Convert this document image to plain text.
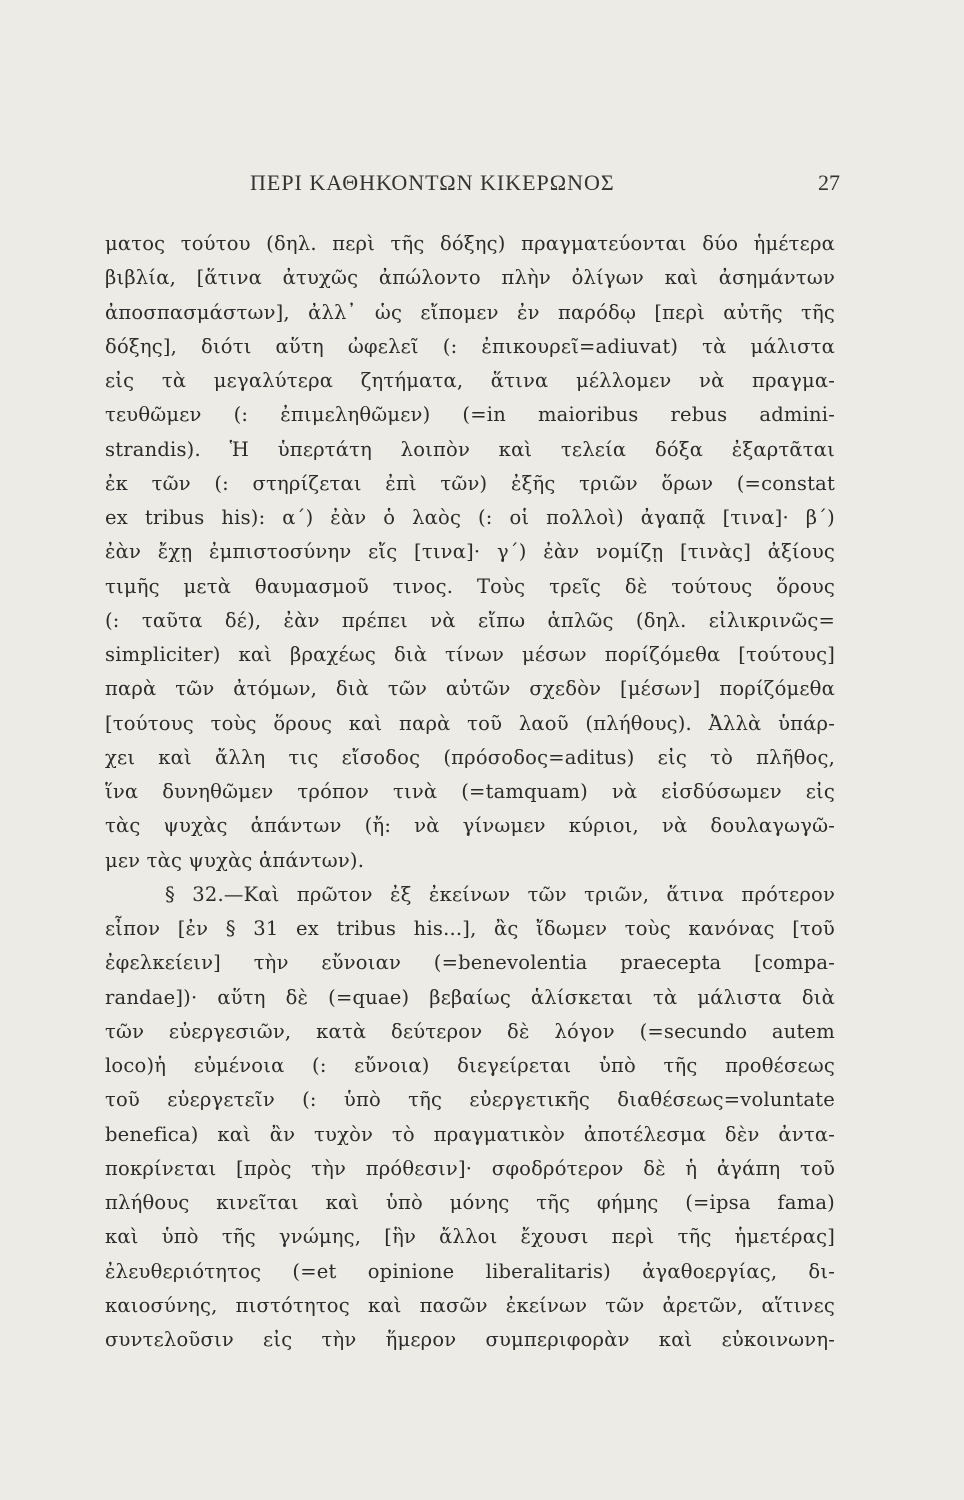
ΠΕΡΙ ΚΑΘΗΚΟΝΤΩΝ ΚΙΚΕΡΩΝΟΣ	27
ματος τούτου (δηλ. περὶ τῆς δόξης) πραγματεύονται δύο ἡμέτερα
βιβλία, [ἅτινα ἀτυχῶς ἀπώλοντο πλὴν ὀλίγων καὶ ἀσημάντων
ἀποσπασμάστων], ἀλλ᾽ ὡς εἴπομεν ἐν παρόδῳ [περὶ αὐτῆς τῆς
δόξης], διότι αὕτη ὠφελεῖ (: ἐπικουρεῖ=adiuvat) τὰ μάλιστα
εἰς τὰ μεγαλύτερα ζητήματα, ἅτινα μέλλομεν νὰ πραγμα-
τευθῶμεν (: ἐπιμεληθῶμεν) (=in maioribus rebus admini-
strandis). Ἡ ὑπερτάτη λοιπὸν καὶ τελεία δόξα ἐξαρτᾶται
ἐκ τῶν (: στηρίζεται ἐπὶ τῶν) ἐξῆς τριῶν ὅρων (=constat
ex tribus his): α΄) ἐὰν ὁ λαὸς (: οἱ πολλοὶ) ἀγαπᾷ [τινα]· β΄)
ἐὰν ἔχῃ ἐμπιστοσύνην εἴς [τινα]· γ΄) ἐὰν νομίζῃ [τινὰς] ἀξίους
τιμῆς μετὰ θαυμασμοῦ τινος. Τοὺς τρεῖς δὲ τούτους ὅρους
(: ταῦτα δέ), ἐὰν πρέπει νὰ εἴπω ἁπλῶς (δηλ. εἰλικρινῶς=
simpliciter) καὶ βραχέως διὰ τίνων μέσων πορίζόμεθα [τούτους]
παρὰ τῶν ἀτόμων, διὰ τῶν αὐτῶν σχεδὸν [μέσων] πορίζόμεθα
[τούτους τοὺς ὅρους καὶ παρὰ τοῦ λαοῦ (πλήθους). Ἀλλὰ ὑπάρ-
χει καὶ ἄλλη τις εἴσοδος (πρόσοδος=aditus) εἰς τὸ πλῆθος,
ἵνα δυνηθῶμεν τρόπον τινὰ (=tamquam) νὰ εἰσδύσωμεν εἰς
τὰς ψυχὰς ἁπάντων (ἤ: νὰ γίνωμεν κύριοι, νὰ δουλαγωγῶ-
μεν τὰς ψυχὰς ἁπάντων).
§ 32.—Καὶ πρῶτον ἐξ ἐκείνων τῶν τριῶν, ἅτινα πρότερον
εἶπον [ἐν § 31 ex tribus his...], ἂς ἴδωμεν τοὺς κανόνας [τοῦ
ἐφελκείειν] τὴν εὔνοιαν (=benevolentia praecepta [compa-
randae])· αὕτη δὲ (=quae) βεβαίως ἁλίσκεται τὰ μάλιστα διὰ
τῶν εὐεργεσιῶν, κατὰ δεύτερον δὲ λόγον (=secundo autem
loco)ἡ εὐμένοια (: εὔνοια) διεγείρεται ὑπὸ τῆς προθέσεως
τοῦ εὐεργετεῖν (: ὑπὸ τῆς εὐεργετικῆς διαθέσεως=voluntate
benefica) καὶ ἂν τυχὸν τὸ πραγματικὸν ἀποτέλεσμα δὲν ἀντα-
ποκρίνεται [πρὸς τὴν πρόθεσιν]· σφοδρότερον δὲ ἡ ἀγάπη τοῦ
πλήθους κινεῖται καὶ ὑπὸ μόνης τῆς φήμης (=ipsa fama)
καὶ ὑπὸ τῆς γνώμης, [ἣν ἄλλοι ἔχουσι περὶ τῆς ἡμετέρας]
ἐλευθεριότητος (=et opinione liberalitaris) ἀγαθοεργίας, δι-
καιοσύνης, πιστότητος καὶ πασῶν ἐκείνων τῶν ἀρετῶν, αἵτινες
συντελοῦσιν εἰς τὴν ἥμερον συμπεριφορὰν καὶ εὐκοινωνη-
